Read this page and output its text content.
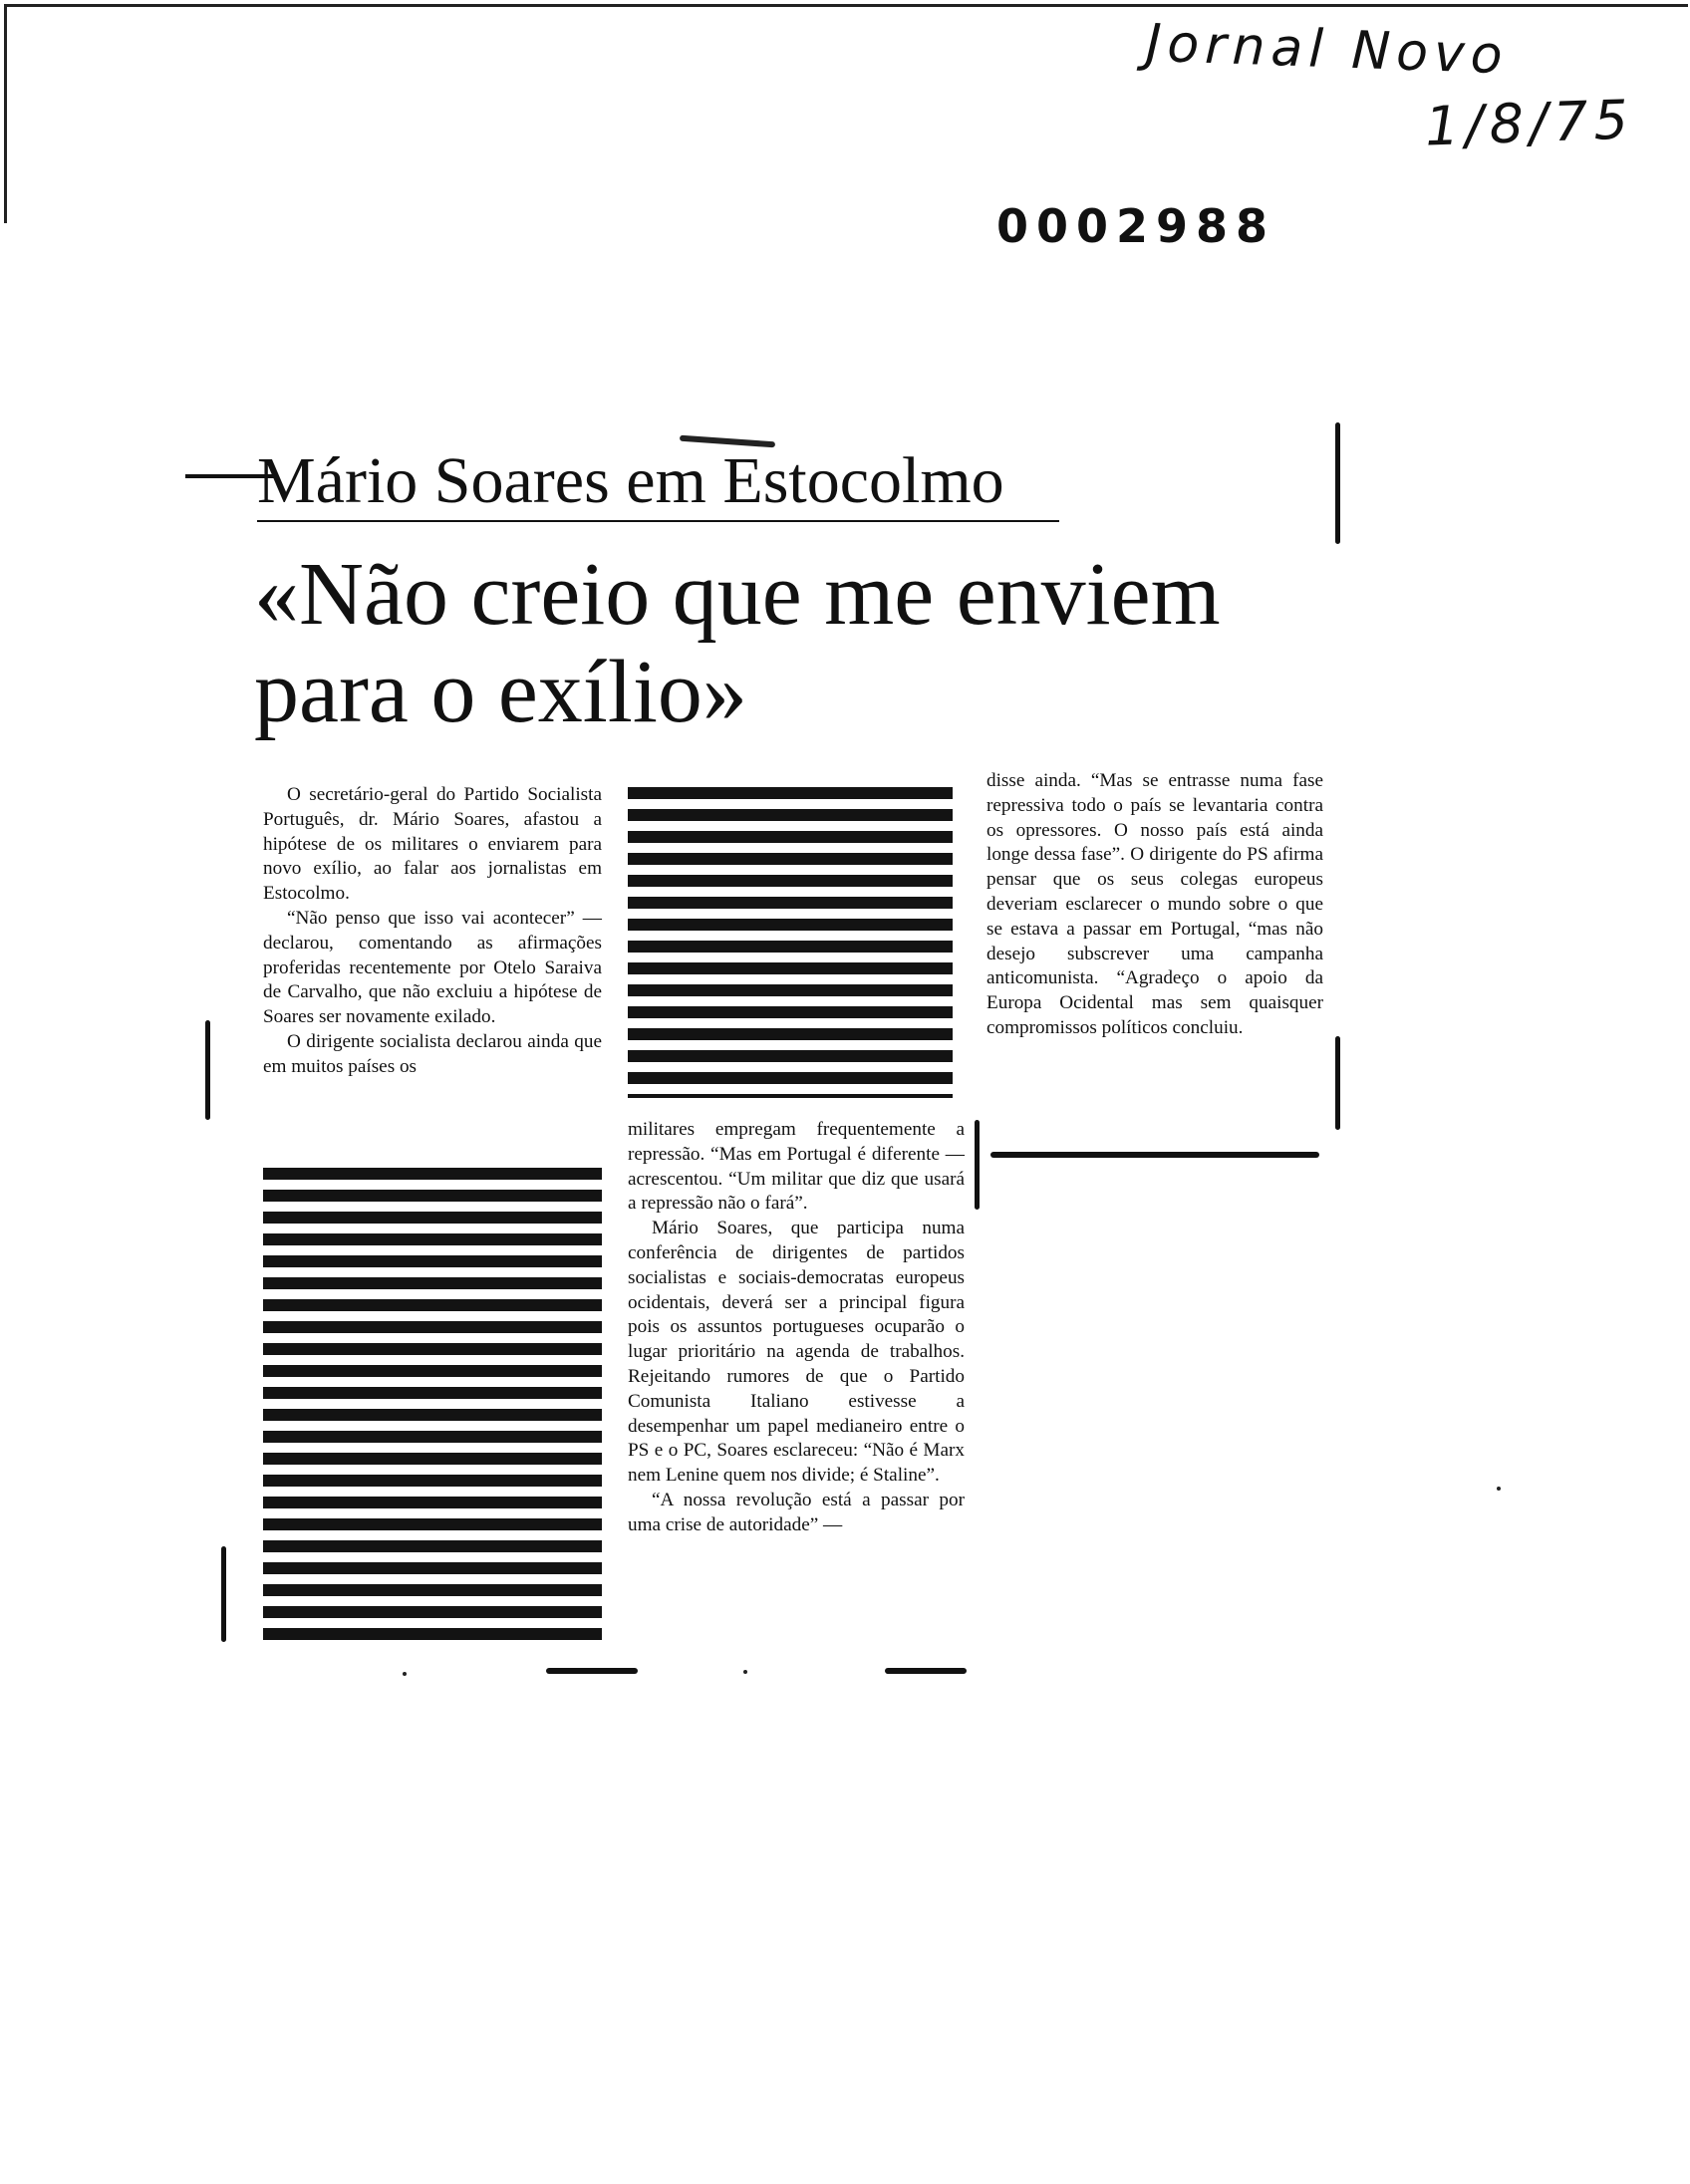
Jornal Novo
1/8/75
0002988
Mário Soares em Estocolmo
«Não creio que me enviem para o exílio»

O secretário-geral do Partido Socialista Português, dr. Mário Soares, afastou a hipótese de os militares o enviarem para novo exílio, ao falar aos jornalistas em Estocolmo.

“Não penso que isso vai acontecer” — declarou, comentando as afirmações proferidas recentemente por Otelo Saraiva de Carvalho, que não excluiu a hipótese de Soares ser novamente exilado.

O dirigente socialista declarou ainda que em muitos países os

militares empregam frequentemente a repressão. “Mas em Portugal é diferente — acrescentou. “Um militar que diz que usará a repressão não o fará”.

Mário Soares, que participa numa conferência de dirigentes de partidos socialistas e sociais-democratas europeus ocidentais, deverá ser a principal figura pois os assuntos portugueses ocuparão o lugar prioritário na agenda de trabalhos. Rejeitando rumores de que o Partido Comunista Italiano estivesse a desempenhar um papel medianeiro entre o PS e o PC, Soares esclareceu: “Não é Marx nem Lenine quem nos divide; é Staline”.

“A nossa revolução está a passar por uma crise de autoridade” —

disse ainda. “Mas se entrasse numa fase repressiva todo o país se levantaria contra os opressores. O nosso país está ainda longe dessa fase”. O dirigente do PS afirma pensar que os seus colegas europeus deveriam esclarecer o mundo sobre o que se estava a passar em Portugal, “mas não desejo subscrever uma campanha anticomunista. “Agradeço o apoio da Europa Ocidental mas sem quaisquer compromissos políticos concluiu.
